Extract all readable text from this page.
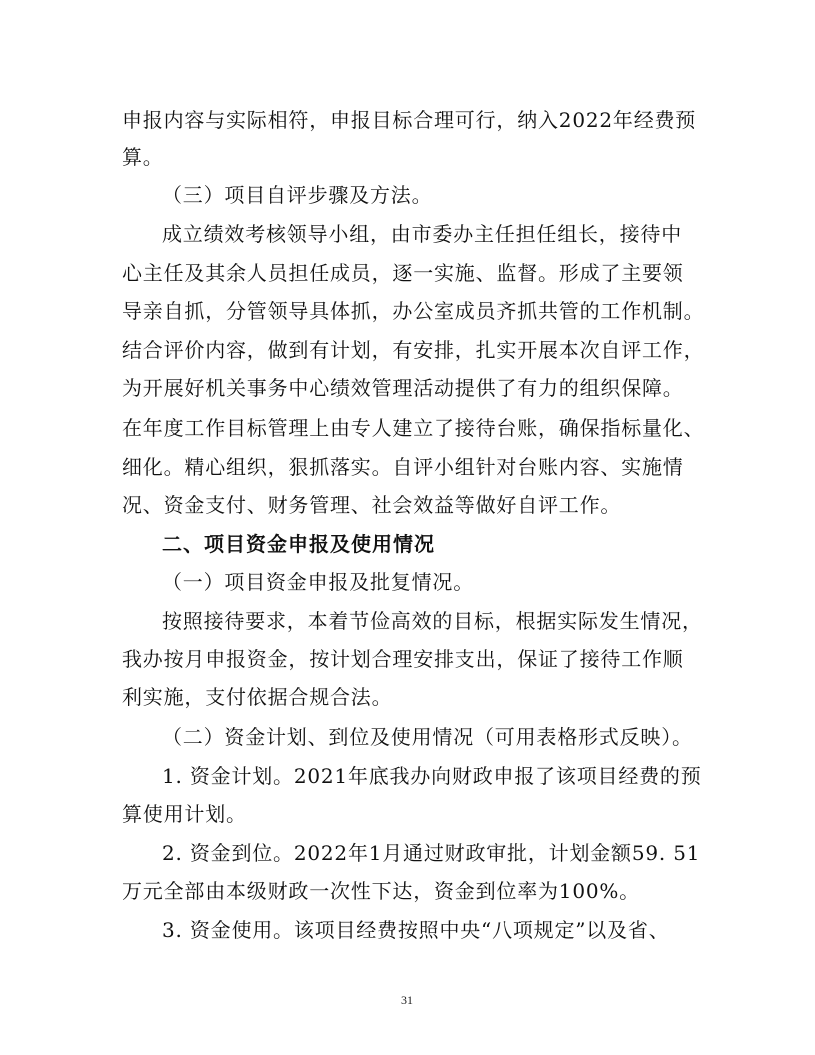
申报内容与实际相符，申报目标合理可行，纳入2022年经费预
算。
（三）项目自评步骤及方法。
成立绩效考核领导小组，由市委办主任担任组长，接待中
心主任及其余人员担任成员，逐一实施、监督。形成了主要领
导亲自抓，分管领导具体抓，办公室成员齐抓共管的工作机制。
结合评价内容，做到有计划，有安排，扎实开展本次自评工作，
为开展好机关事务中心绩效管理活动提供了有力的组织保障。
在年度工作目标管理上由专人建立了接待台账，确保指标量化、
细化。精心组织，狠抓落实。自评小组针对台账内容、实施情
况、资金支付、财务管理、社会效益等做好自评工作。
二、项目资金申报及使用情况
（一）项目资金申报及批复情况。
按照接待要求，本着节俭高效的目标，根据实际发生情况，
我办按月申报资金，按计划合理安排支出，保证了接待工作顺
利实施，支付依据合规合法。
（二）资金计划、到位及使用情况（可用表格形式反映）。
1. 资金计划。2021年底我办向财政申报了该项目经费的预
算使用计划。
2. 资金到位。2022年1月通过财政审批，计划金额59. 51
万元全部由本级财政一次性下达，资金到位率为100%。
3. 资金使用。该项目经费按照中央“八项规定”以及省、
31
